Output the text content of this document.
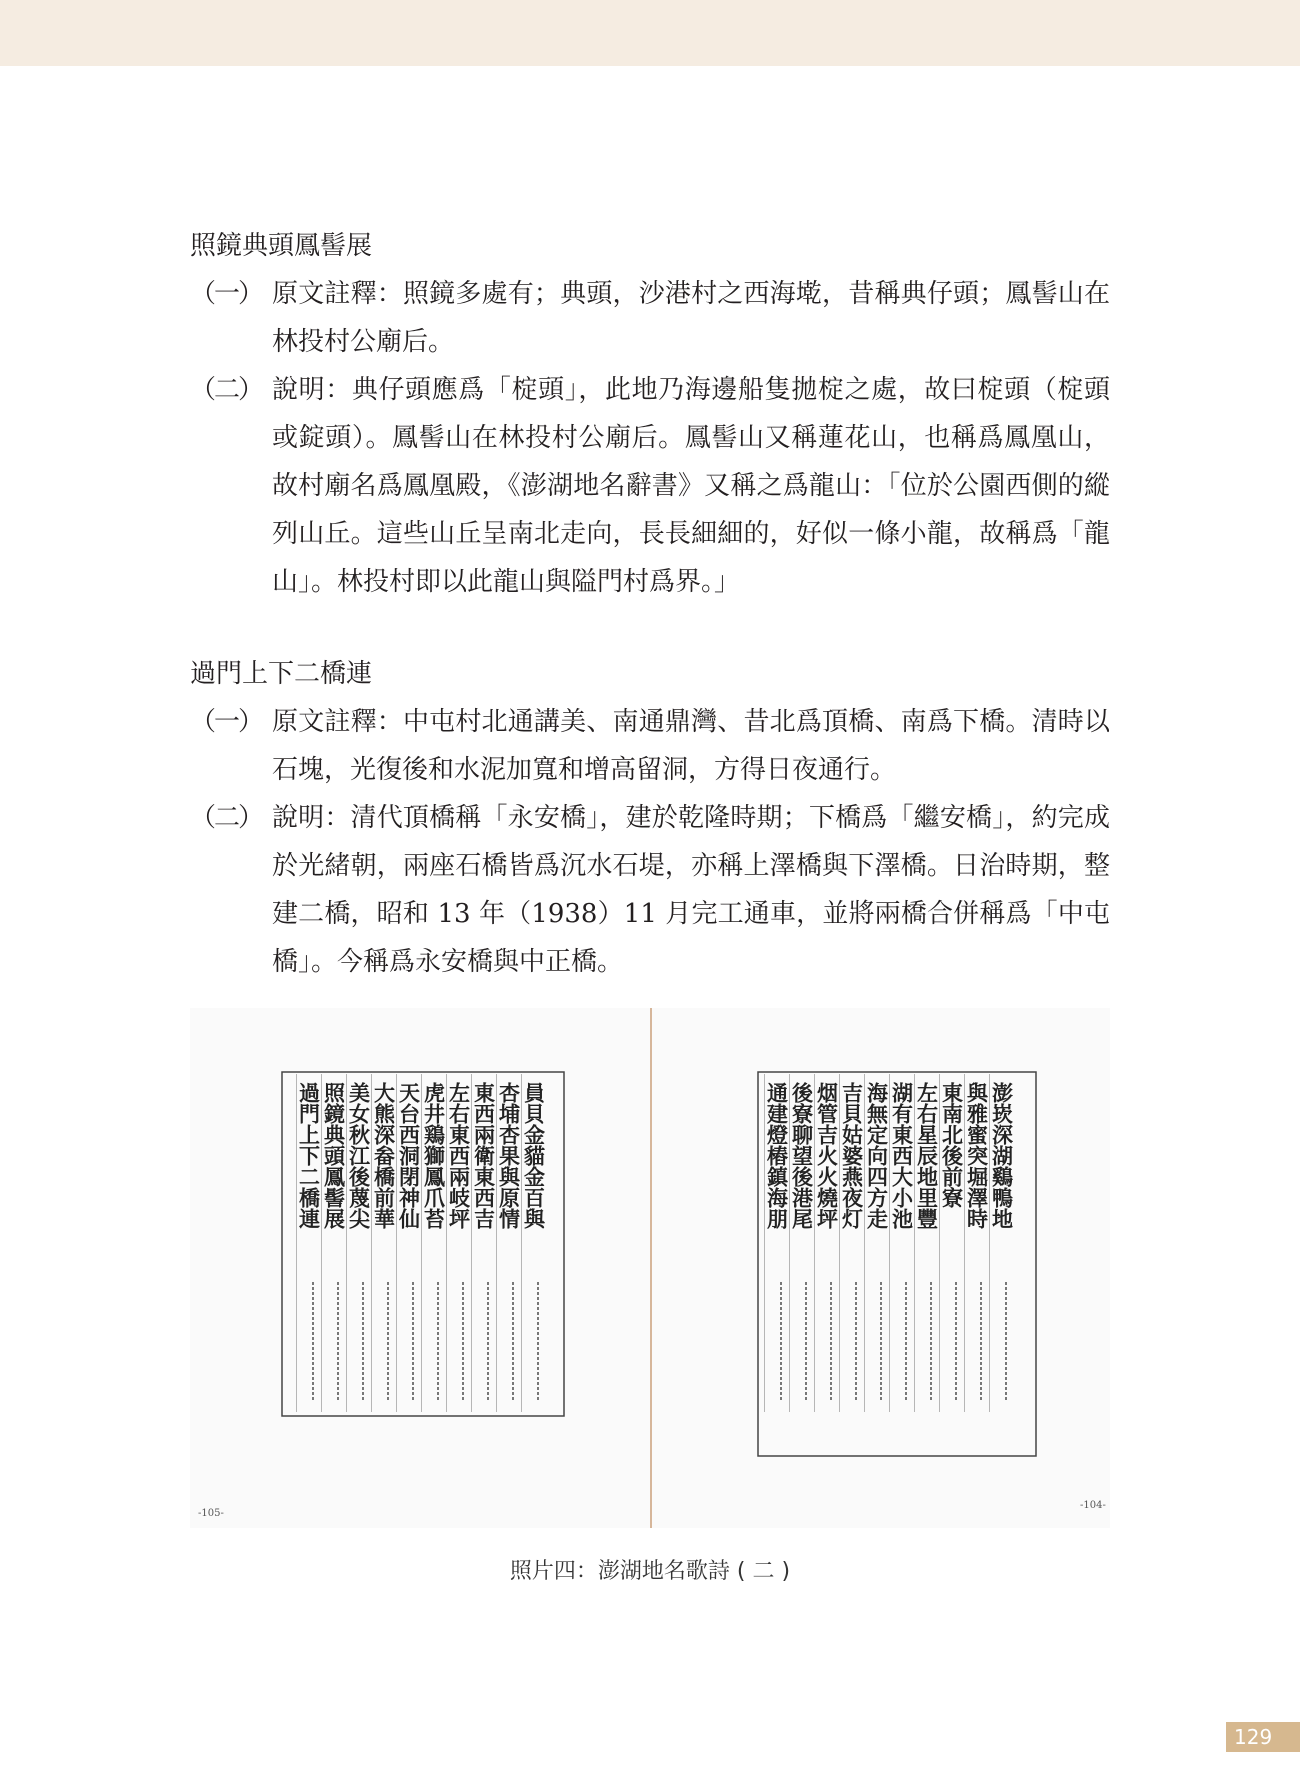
照鏡典頭鳳髻展

（一） 原文註釋：照鏡多處有；典頭，沙港村之西海墘，昔稱典仔頭；鳳髻山在林投村公廟后。

（二） 說明：典仔頭應爲「椗頭」，此地乃海邊船隻拋椗之處，故曰椗頭（椗頭或錠頭）。鳳髻山在林投村公廟后。鳳髻山又稱蓮花山，也稱爲鳳凰山，故村廟名爲鳳凰殿，《澎湖地名辭書》又稱之爲龍山：「位於公園西側的縱列山丘。這些山丘呈南北走向，長長細細的，好似一條小龍，故稱爲「龍山」。林投村即以此龍山與隘門村爲界。」

過門上下二橋連

（一） 原文註釋：中屯村北通講美、南通鼎灣、昔北爲頂橋、南爲下橋。清時以石塊，光復後和水泥加寬和增高留洞，方得日夜通行。

（二） 說明：清代頂橋稱「永安橋」，建於乾隆時期；下橋爲「繼安橋」，約完成於光緒朝，兩座石橋皆爲沉水石堤，亦稱上澤橋與下澤橋。日治時期，整建二橋，昭和 13 年（1938）11 月完工通車，並將兩橋合併稱爲「中屯橋」。今稱爲永安橋與中正橋。

員貝金貓金百與
杏埔杏果與原情
東西兩衛東西吉
左右東西兩岐坪
虎井鶏獅鳳爪苔
天台西洞閉神仙
大熊深畚橋前華
美女秋江後蔑尖
照鏡典頭鳳髻展
過門上下二橋連	澎崁深湖鷄鴨地
與雅蜜突堀澤時
東南北後前寮
左右星辰地里豐
湖有東西大小池
海無定向四方走
吉貝姑婆燕夜灯
烟管吉火火燒坪
後寮聊望後港尾
通建燈樁鎮海朋
-105-
-104-
照片四：澎湖地名歌詩 ( 二 )
129
